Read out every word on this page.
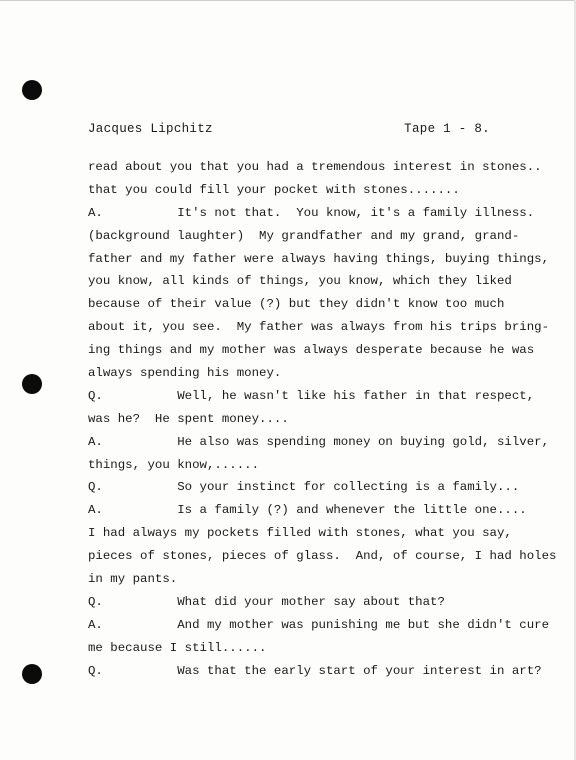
Jacques Lipchitz	Tape 1 - 8.
read about you that you had a tremendous interest in stones..
that you could fill your pocket with stones.......
A.          It's not that.  You know, it's a family illness.
(background laughter)  My grandfather and my grand, grand-
father and my father were always having things, buying things,
you know, all kinds of things, you know, which they liked
because of their value (?) but they didn't know too much
about it, you see.  My father was always from his trips bring-
ing things and my mother was always desperate because he was
always spending his money.
Q.          Well, he wasn't like his father in that respect,
was he?  He spent money....
A.          He also was spending money on buying gold, silver,
things, you know,......
Q.          So your instinct for collecting is a family...
A.          Is a family (?) and whenever the little one....
I had always my pockets filled with stones, what you say,
pieces of stones, pieces of glass.  And, of course, I had holes
in my pants.
Q.          What did your mother say about that?
A.          And my mother was punishing me but she didn't cure
me because I still......
Q.          Was that the early start of your interest in art?
